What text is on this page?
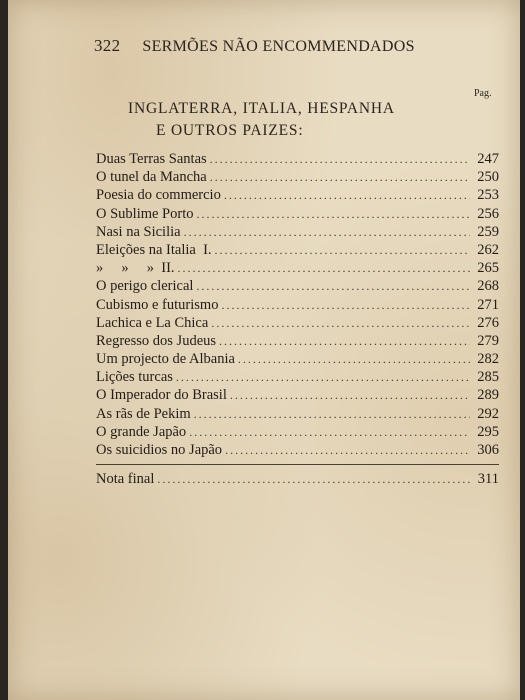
322 SERMÕES NÃO ENCOMMENDADOS
Pag.
INGLATERRA, ITALIA, HESPANHA
E OUTROS PAIZES:
Duas Terras Santas .....	247
O tunel da Mancha .....	250
Poesia do commercio .....	253
O Sublime Porto .....	256
Nasi na Sicilia .....	259
Eleições na Italia  I. .....	262
»     »     »  II. .....	265
O perigo clerical .....	268
Cubismo e futurismo .....	271
Lachica e La Chica .....	276
Regresso dos Judeus .....	279
Um projecto de Albania .....	282
Lições turcas .....	285
O Imperador do Brasil .....	289
As rãs de Pekim .....	292
O grande Japão .....	295
Os suicidios no Japão .....	306
Nota final .....	311
